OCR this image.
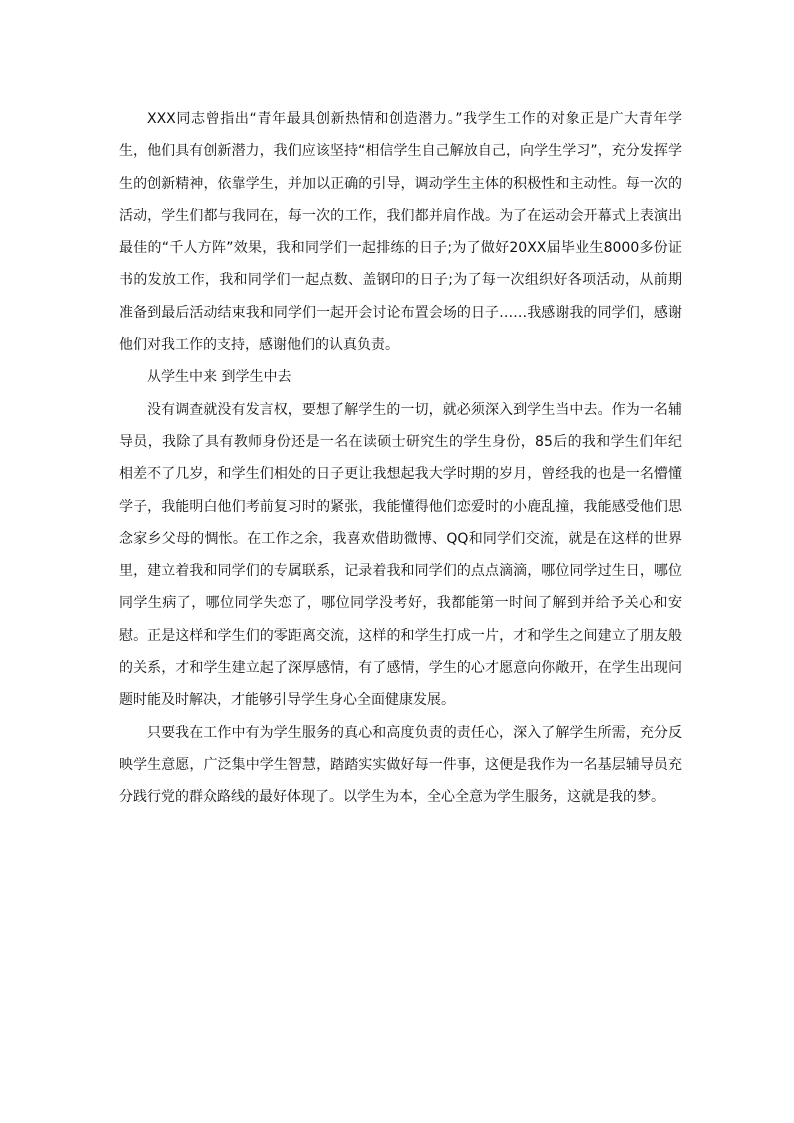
XXX同志曾指出“青年最具创新热情和创造潜力。”我学生工作的对象正是广大青年学生，他们具有创新潜力，我们应该坚持“相信学生自己解放自己，向学生学习”，充分发挥学生的创新精神，依靠学生，并加以正确的引导，调动学生主体的积极性和主动性。每一次的活动，学生们都与我同在，每一次的工作，我们都并肩作战。为了在运动会开幕式上表演出最佳的“千人方阵”效果，我和同学们一起排练的日子;为了做好20XX届毕业生8000多份证书的发放工作，我和同学们一起点数、盖钢印的日子;为了每一次组织好各项活动，从前期准备到最后活动结束我和同学们一起开会讨论布置会场的日子……我感谢我的同学们，感谢他们对我工作的支持，感谢他们的认真负责。

从学生中来 到学生中去

没有调查就没有发言权，要想了解学生的一切，就必须深入到学生当中去。作为一名辅导员，我除了具有教师身份还是一名在读硕士研究生的学生身份，85后的我和学生们年纪相差不了几岁，和学生们相处的日子更让我想起我大学时期的岁月，曾经我的也是一名懵懂学子，我能明白他们考前复习时的紧张，我能懂得他们恋爱时的小鹿乱撞，我能感受他们思念家乡父母的惆怅。在工作之余，我喜欢借助微博、QQ和同学们交流，就是在这样的世界里，建立着我和同学们的专属联系，记录着我和同学们的点点滴滴，哪位同学过生日，哪位同学生病了，哪位同学失恋了，哪位同学没考好，我都能第一时间了解到并给予关心和安慰。正是这样和学生们的零距离交流，这样的和学生打成一片，才和学生之间建立了朋友般的关系，才和学生建立起了深厚感情，有了感情，学生的心才愿意向你敞开，在学生出现问题时能及时解决，才能够引导学生身心全面健康发展。

只要我在工作中有为学生服务的真心和高度负责的责任心，深入了解学生所需，充分反映学生意愿，广泛集中学生智慧，踏踏实实做好每一件事，这便是我作为一名基层辅导员充分践行党的群众路线的最好体现了。以学生为本，全心全意为学生服务，这就是我的梦。
